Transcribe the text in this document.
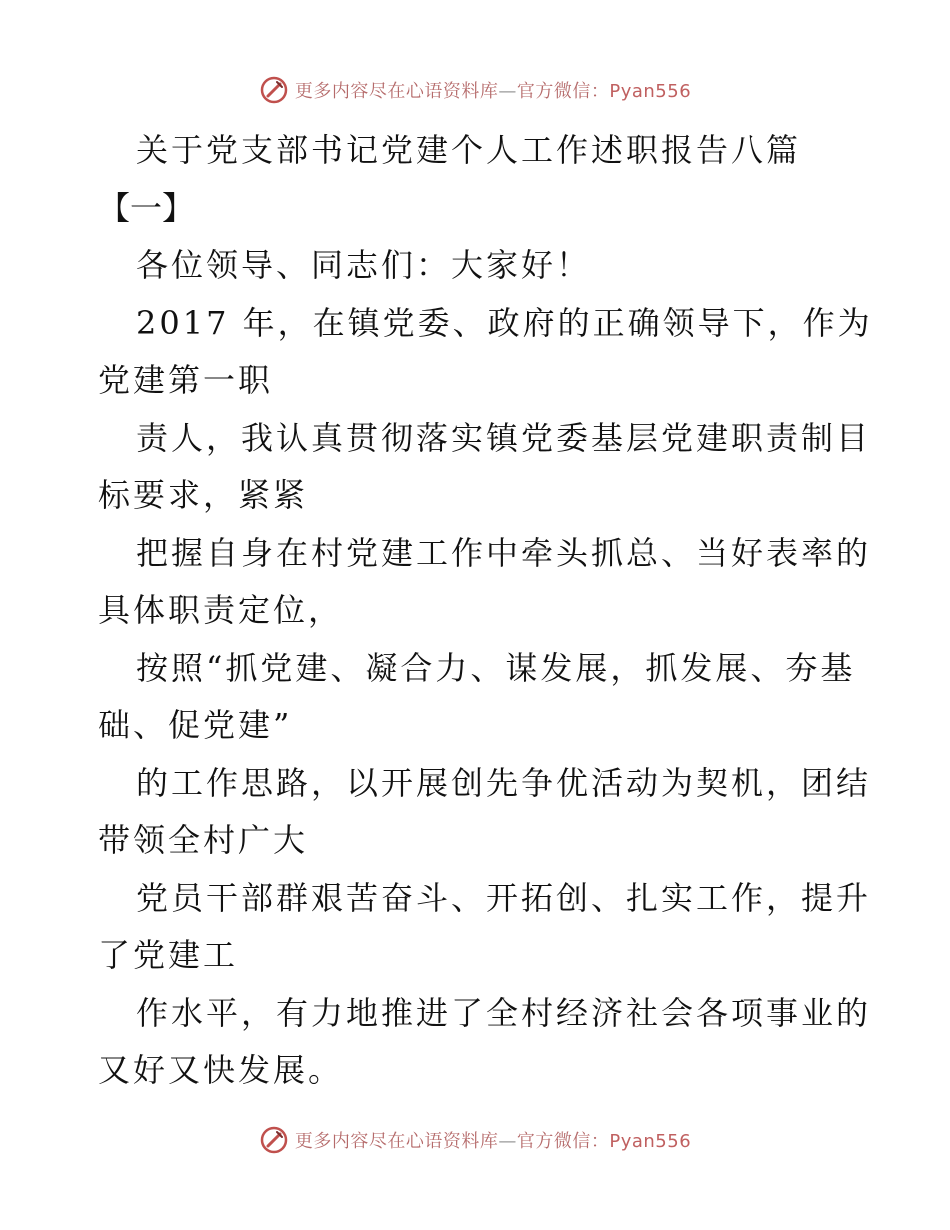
更多内容尽在心语资料库—官方微信：Pyan556
关于党支部书记党建个人工作述职报告八篇
【一】
各位领导、同志们：大家好！
2017 年，在镇党委、政府的正确领导下，作为
党建第一职
责人，我认真贯彻落实镇党委基层党建职责制目
标要求，紧紧
把握自身在村党建工作中牵头抓总、当好表率的
具体职责定位，
按照“抓党建、凝合力、谋发展，抓发展、夯基
础、促党建”
的工作思路，以开展创先争优活动为契机，团结
带领全村广大
党员干部群艰苦奋斗、开拓创、扎实工作，提升
了党建工
作水平，有力地推进了全村经济社会各项事业的
又好又快发展。
更多内容尽在心语资料库—官方微信：Pyan556
